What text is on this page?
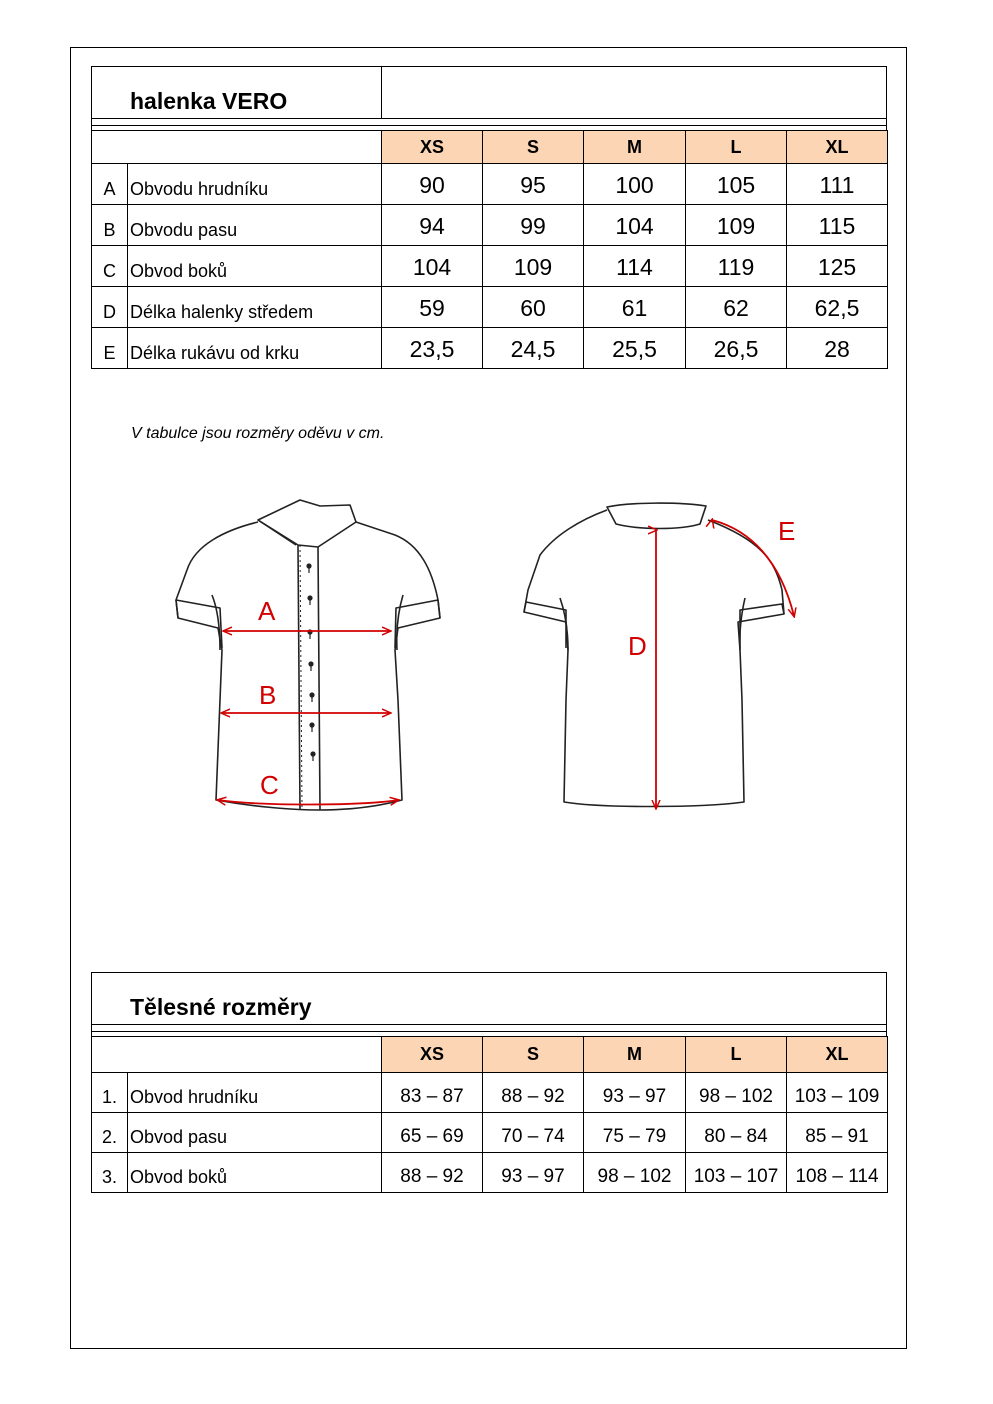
halenka VERO
		XS	S	M	L	XL
A	Obvodu hrudníku	90	95	100	105	111
B	Obvodu pasu	94	99	104	109	115
C	Obvod boků	104	109	114	119	125
D	Délka halenky středem	59	60	61	62	62,5
E	Délka rukávu od krku	23,5	24,5	25,5	26,5	28
V tabulce jsou rozměry oděvu v cm.
A
B
C
D
E
Tělesné rozměry
		XS	S	M	L	XL
1.	Obvod hrudníku	83 – 87	88 – 92	93 – 97	98 – 102	103 – 109
2.	Obvod pasu	65 – 69	70 – 74	75 – 79	80 – 84	85 – 91
3.	Obvod boků	88 – 92	93 – 97	98 – 102	103 – 107	108 – 114
